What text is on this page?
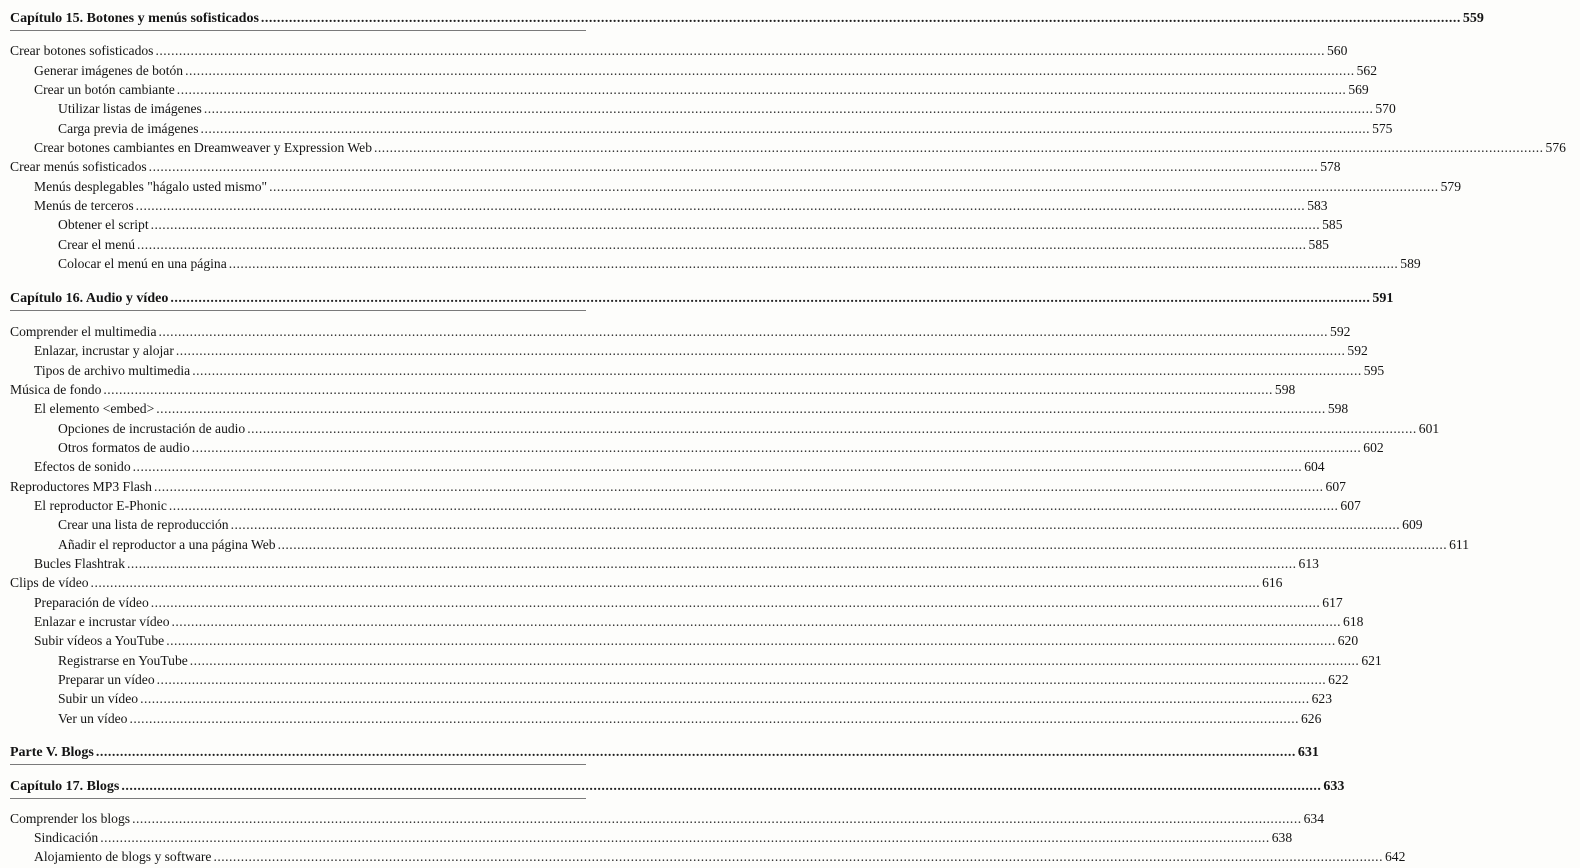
Capítulo 15. Botones y menús sofisticados ............................................................................................................................................................................................................................................................................................................ 559
Crear botones sofisticados ............................................................................................................................................................................................................................................................................................................ 560
Generar imágenes de botón ............................................................................................................................................................................................................................................................................................................ 562
Crear un botón cambiante ............................................................................................................................................................................................................................................................................................................ 569
Utilizar listas de imágenes ............................................................................................................................................................................................................................................................................................................ 570
Carga previa de imágenes ............................................................................................................................................................................................................................................................................................................ 575
Crear botones cambiantes en Dreamweaver y Expression Web ............................................................................................................................................................................................................................................................................................................ 576
Crear menús sofisticados ............................................................................................................................................................................................................................................................................................................ 578
Menús desplegables "hágalo usted mismo" ............................................................................................................................................................................................................................................................................................................ 579
Menús de terceros ............................................................................................................................................................................................................................................................................................................ 583
Obtener el script ............................................................................................................................................................................................................................................................................................................ 585
Crear el menú ............................................................................................................................................................................................................................................................................................................ 585
Colocar el menú en una página ............................................................................................................................................................................................................................................................................................................ 589
Capítulo 16. Audio y vídeo ............................................................................................................................................................................................................................................................................................................ 591
Comprender el multimedia ............................................................................................................................................................................................................................................................................................................ 592
Enlazar, incrustar y alojar ............................................................................................................................................................................................................................................................................................................ 592
Tipos de archivo multimedia ............................................................................................................................................................................................................................................................................................................ 595
Música de fondo ............................................................................................................................................................................................................................................................................................................ 598
El elemento <embed> ............................................................................................................................................................................................................................................................................................................ 598
Opciones de incrustación de audio ............................................................................................................................................................................................................................................................................................................ 601
Otros formatos de audio ............................................................................................................................................................................................................................................................................................................ 602
Efectos de sonido ............................................................................................................................................................................................................................................................................................................ 604
Reproductores MP3 Flash ............................................................................................................................................................................................................................................................................................................ 607
El reproductor E-Phonic ............................................................................................................................................................................................................................................................................................................ 607
Crear una lista de reproducción ............................................................................................................................................................................................................................................................................................................ 609
Añadir el reproductor a una página Web ............................................................................................................................................................................................................................................................................................................ 611
Bucles Flashtrak ............................................................................................................................................................................................................................................................................................................ 613
Clips de vídeo ............................................................................................................................................................................................................................................................................................................ 616
Preparación de vídeo ............................................................................................................................................................................................................................................................................................................ 617
Enlazar e incrustar vídeo ............................................................................................................................................................................................................................................................................................................ 618
Subir vídeos a YouTube ............................................................................................................................................................................................................................................................................................................ 620
Registrarse en YouTube ............................................................................................................................................................................................................................................................................................................ 621
Preparar un vídeo ............................................................................................................................................................................................................................................................................................................ 622
Subir un vídeo ............................................................................................................................................................................................................................................................................................................ 623
Ver un vídeo ............................................................................................................................................................................................................................................................................................................ 626
Parte V. Blogs ............................................................................................................................................................................................................................................................................................................ 631
Capítulo 17. Blogs ............................................................................................................................................................................................................................................................................................................ 633
Comprender los blogs ............................................................................................................................................................................................................................................................................................................ 634
Sindicación ............................................................................................................................................................................................................................................................................................................ 638
Alojamiento de blogs y software ............................................................................................................................................................................................................................................................................................................ 642
